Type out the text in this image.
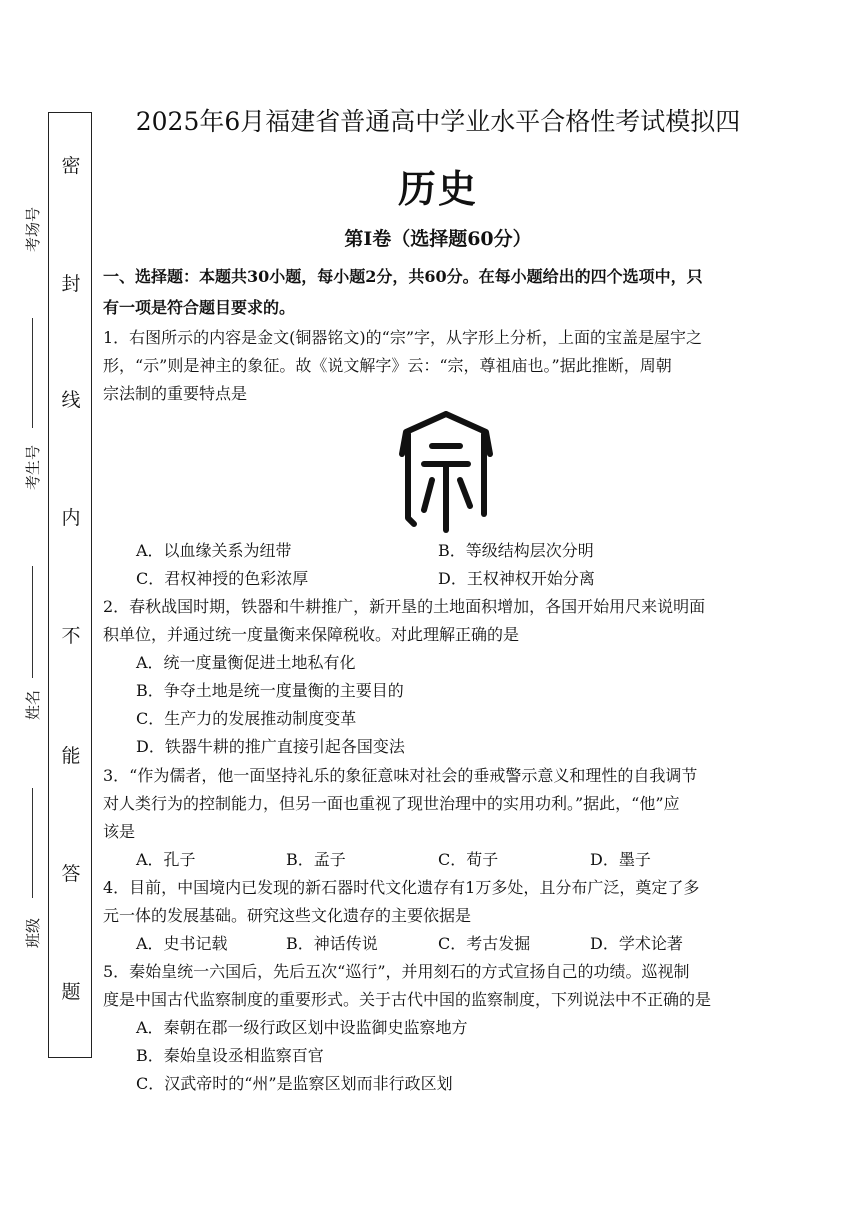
密
封
线
内
不
能
答
题
考场号
考生号
姓名
班级
2025年6月福建省普通高中学业水平合格性考试模拟四
历史
第Ⅰ卷（选择题60分）
一、选择题：本题共30小题，每小题2分，共60分。在每小题给出的四个选项中，只
有一项是符合题目要求的。
1．右图所示的内容是金文(铜器铭文)的“宗”字，从字形上分析，上面的宝盖是屋宇之
形，“示”则是神主的象征。故《说文解字》云：“宗，尊祖庙也。”据此推断，周朝
宗法制的重要特点是
A．以血缘关系为纽带	B．等级结构层次分明
C．君权神授的色彩浓厚	D．王权神权开始分离
2．春秋战国时期，铁器和牛耕推广，新开垦的土地面积增加，各国开始用尺来说明面
积单位，并通过统一度量衡来保障税收。对此理解正确的是
A．统一度量衡促进土地私有化
B．争夺土地是统一度量衡的主要目的
C．生产力的发展推动制度变革
D．铁器牛耕的推广直接引起各国变法
3．“作为儒者，他一面坚持礼乐的象征意味对社会的垂戒警示意义和理性的自我调节
对人类行为的控制能力，但另一面也重视了现世治理中的实用功利。”据此，“他”应
该是
A．孔子	B．孟子	C．荀子	D．墨子
4．目前，中国境内已发现的新石器时代文化遗存有1万多处，且分布广泛，奠定了多
元一体的发展基础。研究这些文化遗存的主要依据是
A．史书记载	B．神话传说	C．考古发掘	D．学术论著
5．秦始皇统一六国后，先后五次“巡行”，并用刻石的方式宣扬自己的功绩。巡视制
度是中国古代监察制度的重要形式。关于古代中国的监察制度，下列说法中不正确的是
A．秦朝在郡一级行政区划中设监御史监察地方
B．秦始皇设丞相监察百官
C．汉武帝时的“州”是监察区划而非行政区划
